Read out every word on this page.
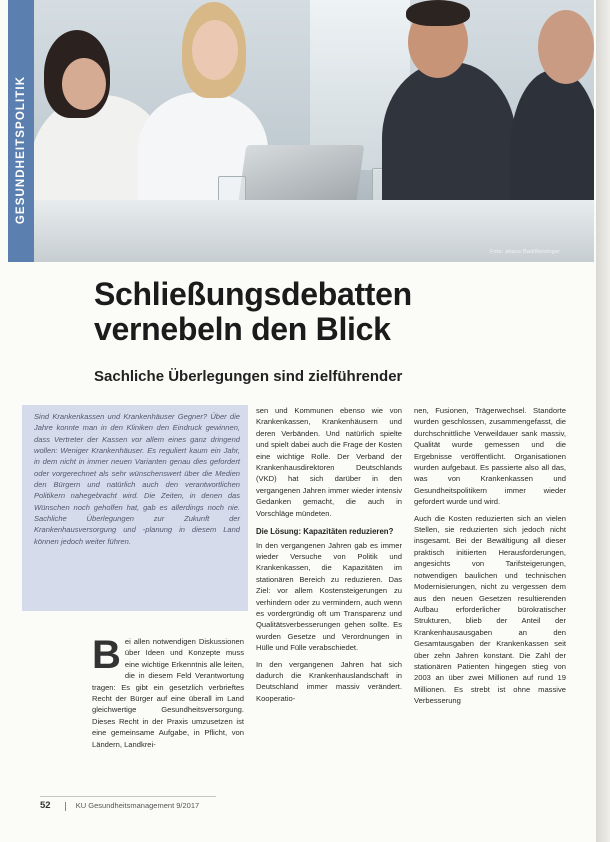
Foto: ahaus Bad/Reisinger
GESUNDHEITSPOLITIK
Schließungsdebatten
vernebeln den Blick
Sachliche Überlegungen sind zielführender

Sind Krankenkassen und Krankenhäuser Gegner? Über die Jahre konnte man in den Kliniken den Eindruck gewinnen, dass Vertreter der Kassen vor allem eines ganz dringend wollen: Weniger Krankenhäuser. Es reguliert kaum ein Jahr, in dem nicht in immer neuen Varianten genau dies gefordert oder vorgerechnet als sehr wünschenswert über die Medien den Bürgern und natürlich auch den verantwortlichen Politikern nahegebracht wird. Die Zeiten, in denen das Wünschen noch geholfen hat, gab es allerdings noch nie. Sachliche Überlegungen zur Zukunft der Krankenhausversorgung und -planung in diesem Land können jedoch weiter führen.

B ei allen notwendigen Diskussionen über Ideen und Konzepte muss eine wichtige Erkenntnis alle leiten, die in diesem Feld Verantwortung tragen: Es gibt ein gesetzlich verbrieftes Recht der Bürger auf eine überall im Land gleichwertige Gesundheitsversorgung. Dieses Recht in der Praxis umzusetzen ist eine gemeinsame Aufgabe, in Pflicht, von Ländern, Landkrei-

sen und Kommunen ebenso wie von Krankenkassen, Krankenhäusern und deren Verbänden. Und natürlich spielte und spielt dabei auch die Frage der Kosten eine wichtige Rolle. Der Verband der Krankenhausdirektoren Deutschlands (VKD) hat sich darüber in den vergangenen Jahren immer wieder intensiv Gedanken gemacht, die auch in Vorschläge mündeten.

Die Lösung: Kapazitäten reduzieren?

In den vergangenen Jahren gab es immer wieder Versuche von Politik und Krankenkassen, die Kapazitäten im stationären Bereich zu reduzieren. Das Ziel: vor allem Kostensteigerungen zu verhindern oder zu vermindern, auch wenn es vordergründig oft um Transparenz und Qualitätsverbesserungen gehen sollte. Es wurden Gesetze und Verordnungen in Hülle und Fülle verabschiedet.

In den vergangenen Jahren hat sich dadurch die Krankenhauslandschaft in Deutschland immer massiv verändert. Kooperatio-

nen, Fusionen, Trägerwechsel. Standorte wurden geschlossen, zusammengefasst, die durchschnittliche Verweildauer sank massiv, Qualität wurde gemessen und die Ergebnisse veröffentlicht. Organisationen wurden aufgebaut. Es passierte also all das, was von Krankenkassen und Gesundheitspolitikern immer wieder gefordert wurde und wird.

Auch die Kosten reduzierten sich an vielen Stellen, sie reduzierten sich jedoch nicht insgesamt. Bei der Bewältigung all dieser praktisch initiierten Herausforderungen, angesichts von Tarifsteigerungen, notwendigen baulichen und technischen Modernisierungen, nicht zu vergessen dem aus den neuen Gesetzen resultierenden Aufbau erforderlicher bürokratischer Strukturen, blieb der Anteil der Krankenhausausgaben an den Gesamtausgaben der Krankenkassen seit über zehn Jahren konstant. Die Zahl der stationären Patienten hingegen stieg von 2003 an über zwei Millionen auf rund 19 Millionen. Es strebt ist ohne massive Verbesserung

52	KU Gesundheitsmanagement 9/2017
